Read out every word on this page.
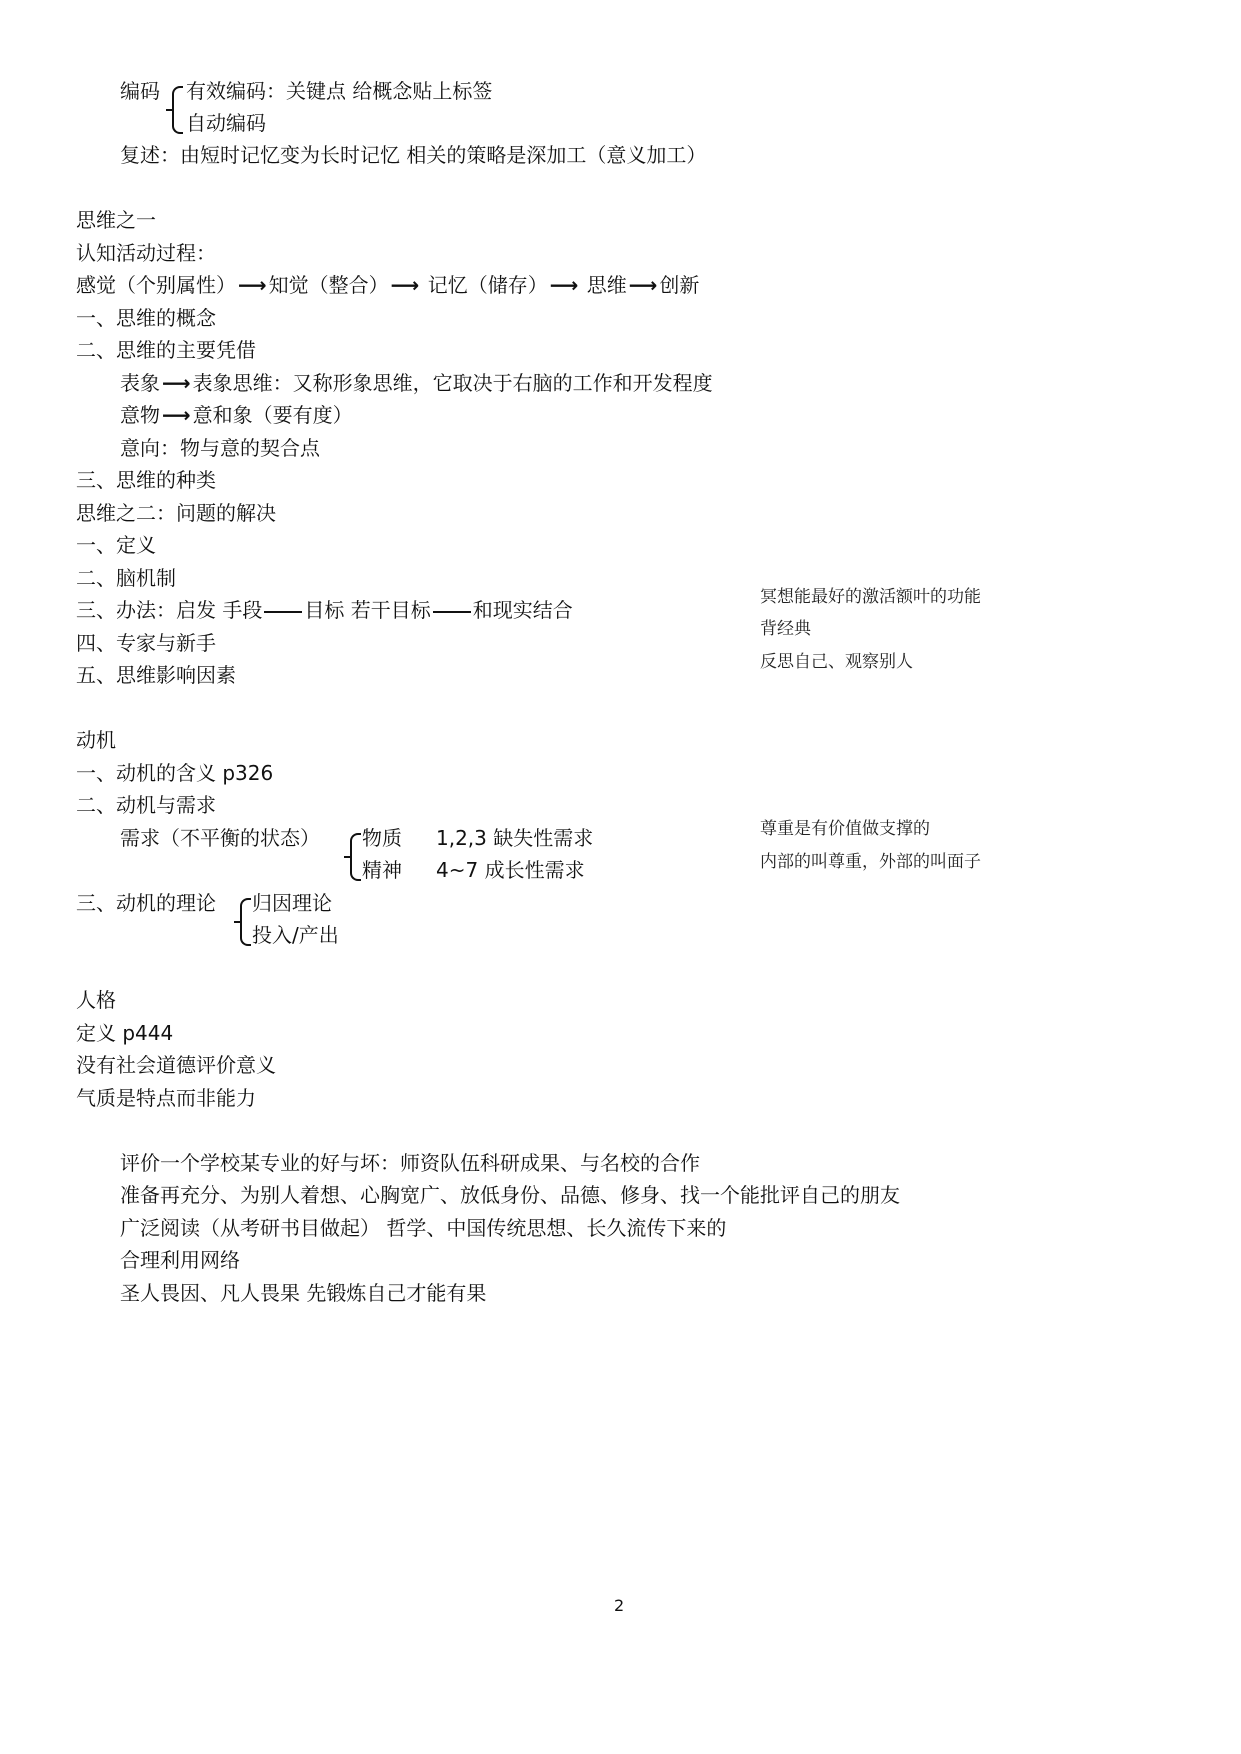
编码 有效编码：关键点 给概念贴上标签
自动编码
复述：由短时记忆变为长时记忆 相关的策略是深加工（意义加工）
思维之一
认知活动过程：
感觉（个别属性） ⟶ 知觉（整合） ⟶ 记忆（储存） ⟶ 思维 ⟶ 创新
一、思维的概念
二、思维的主要凭借
表象 ⟶ 表象思维：又称形象思维，它取决于右脑的工作和开发程度
意物 ⟶ 意和象（要有度）
意向：物与意的契合点
三、思维的种类
思维之二：问题的解决
一、定义
二、脑机制
三、办法：启发 手段 目标 若干目标 和现实结合
四、专家与新手
五、思维影响因素
冥想能最好的激活额叶的功能
背经典
反思自己、观察别人
动机
一、动机的含义 p326
二、动机与需求
需求（不平衡的状态） 物质 1,2,3 缺失性需求
精神 4~7 成长性需求
三、动机的理论 归因理论
投入/产出
尊重是有价值做支撑的
内部的叫尊重，外部的叫面子
人格
定义 p444
没有社会道德评价意义
气质是特点而非能力
评价一个学校某专业的好与坏：师资队伍科研成果、与名校的合作
准备再充分、为别人着想、心胸宽广、放低身份、品德、修身、找一个能批评自己的朋友
广泛阅读（从考研书目做起） 哲学、中国传统思想、长久流传下来的
合理利用网络
圣人畏因、凡人畏果 先锻炼自己才能有果
2
